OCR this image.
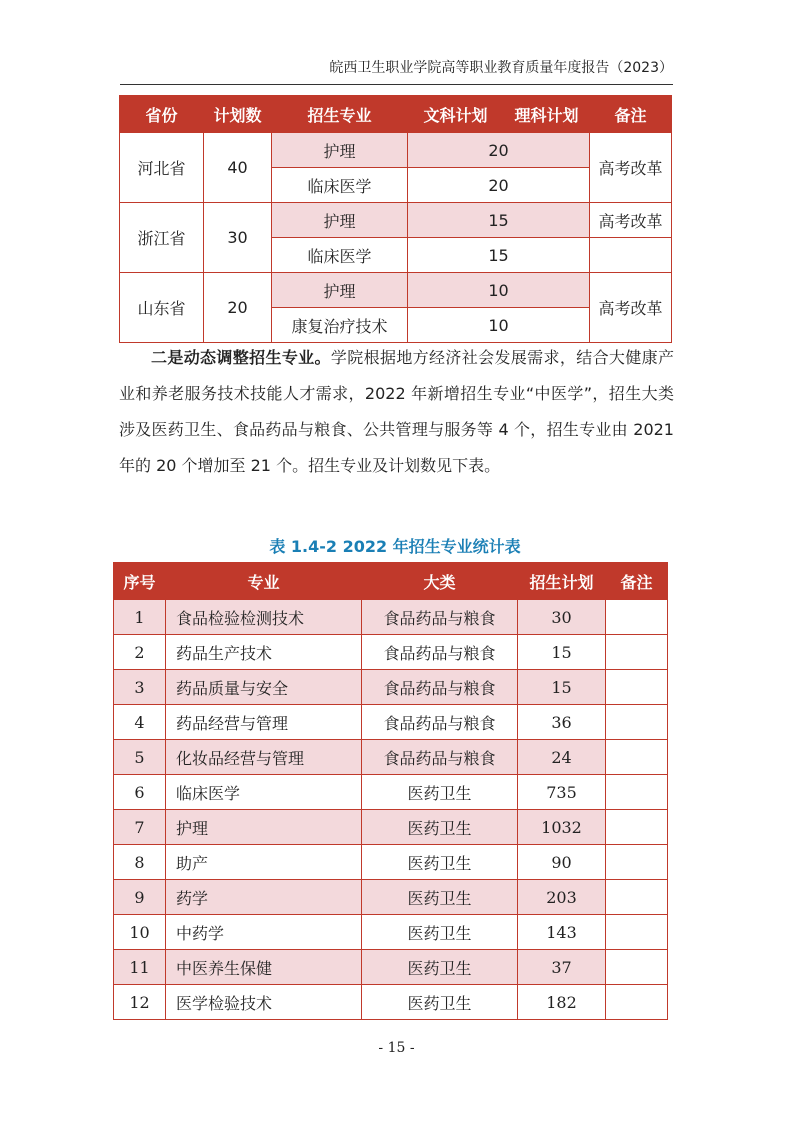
皖西卫生职业学院高等职业教育质量年度报告（2023）
省份	计划数	招生专业	文科计划	理科计划	备注
河北省	40	护理	20		高考改革
		临床医学	20		
浙江省	30	护理	15		高考改革
		临床医学	15		
山东省	20	护理	10		高考改革
		康复治疗技术	10		
二是动态调整招生专业。学院根据地方经济社会发展需求，结合大健康产业和养老服务技术技能人才需求，2022 年新增招生专业“中医学”，招生大类涉及医药卫生、食品药品与粮食、公共管理与服务等 4 个，招生专业由 2021 年的 20 个增加至 21 个。招生专业及计划数见下表。
表 1.4-2 2022 年招生专业统计表
序号	专业	大类	招生计划	备注
1	食品检验检测技术	食品药品与粮食	30	
2	药品生产技术	食品药品与粮食	15	
3	药品质量与安全	食品药品与粮食	15	
4	药品经营与管理	食品药品与粮食	36	
5	化妆品经营与管理	食品药品与粮食	24	
6	临床医学	医药卫生	735	
7	护理	医药卫生	1032	
8	助产	医药卫生	90	
9	药学	医药卫生	203	
10	中药学	医药卫生	143	
11	中医养生保健	医药卫生	37	
12	医学检验技术	医药卫生	182	
- 15 -
